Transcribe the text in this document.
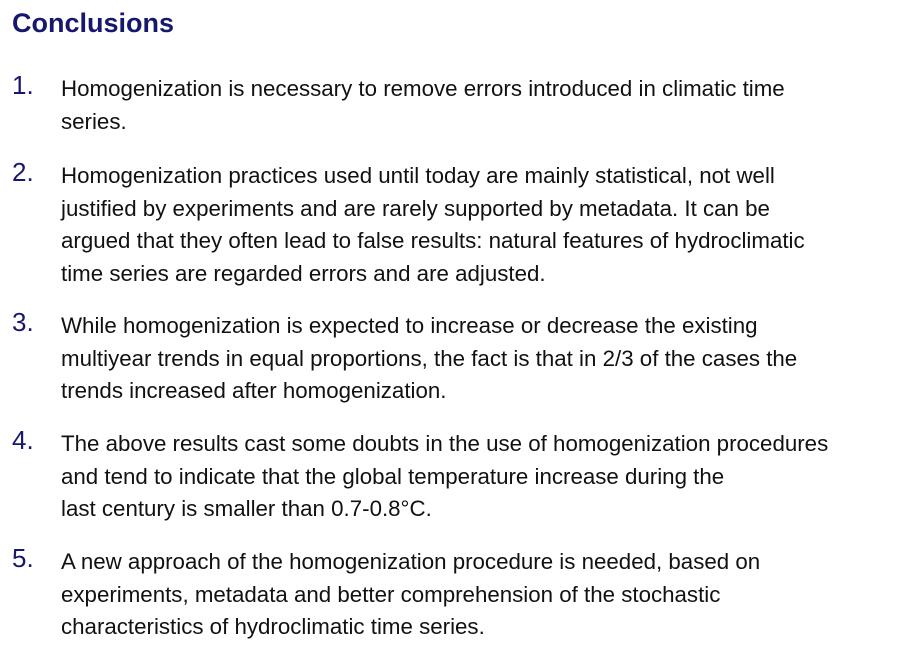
Conclusions
1. Homogenization is necessary to remove errors introduced in climatic time
series.
2. Homogenization practices used until today are mainly statistical, not well
justified by experiments and are rarely supported by metadata. It can be
argued that they often lead to false results: natural features of hydroclimatic
time series are regarded errors and are adjusted.
3. While homogenization is expected to increase or decrease the existing
multiyear trends in equal proportions, the fact is that in 2/3 of the cases the
trends increased after homogenization.
4. The above results cast some doubts in the use of homogenization procedures
and tend to indicate that the global temperature increase during the
last century is smaller than 0.7-0.8°C.
5. A new approach of the homogenization procedure is needed, based on
experiments, metadata and better comprehension of the stochastic
characteristics of hydroclimatic time series.
